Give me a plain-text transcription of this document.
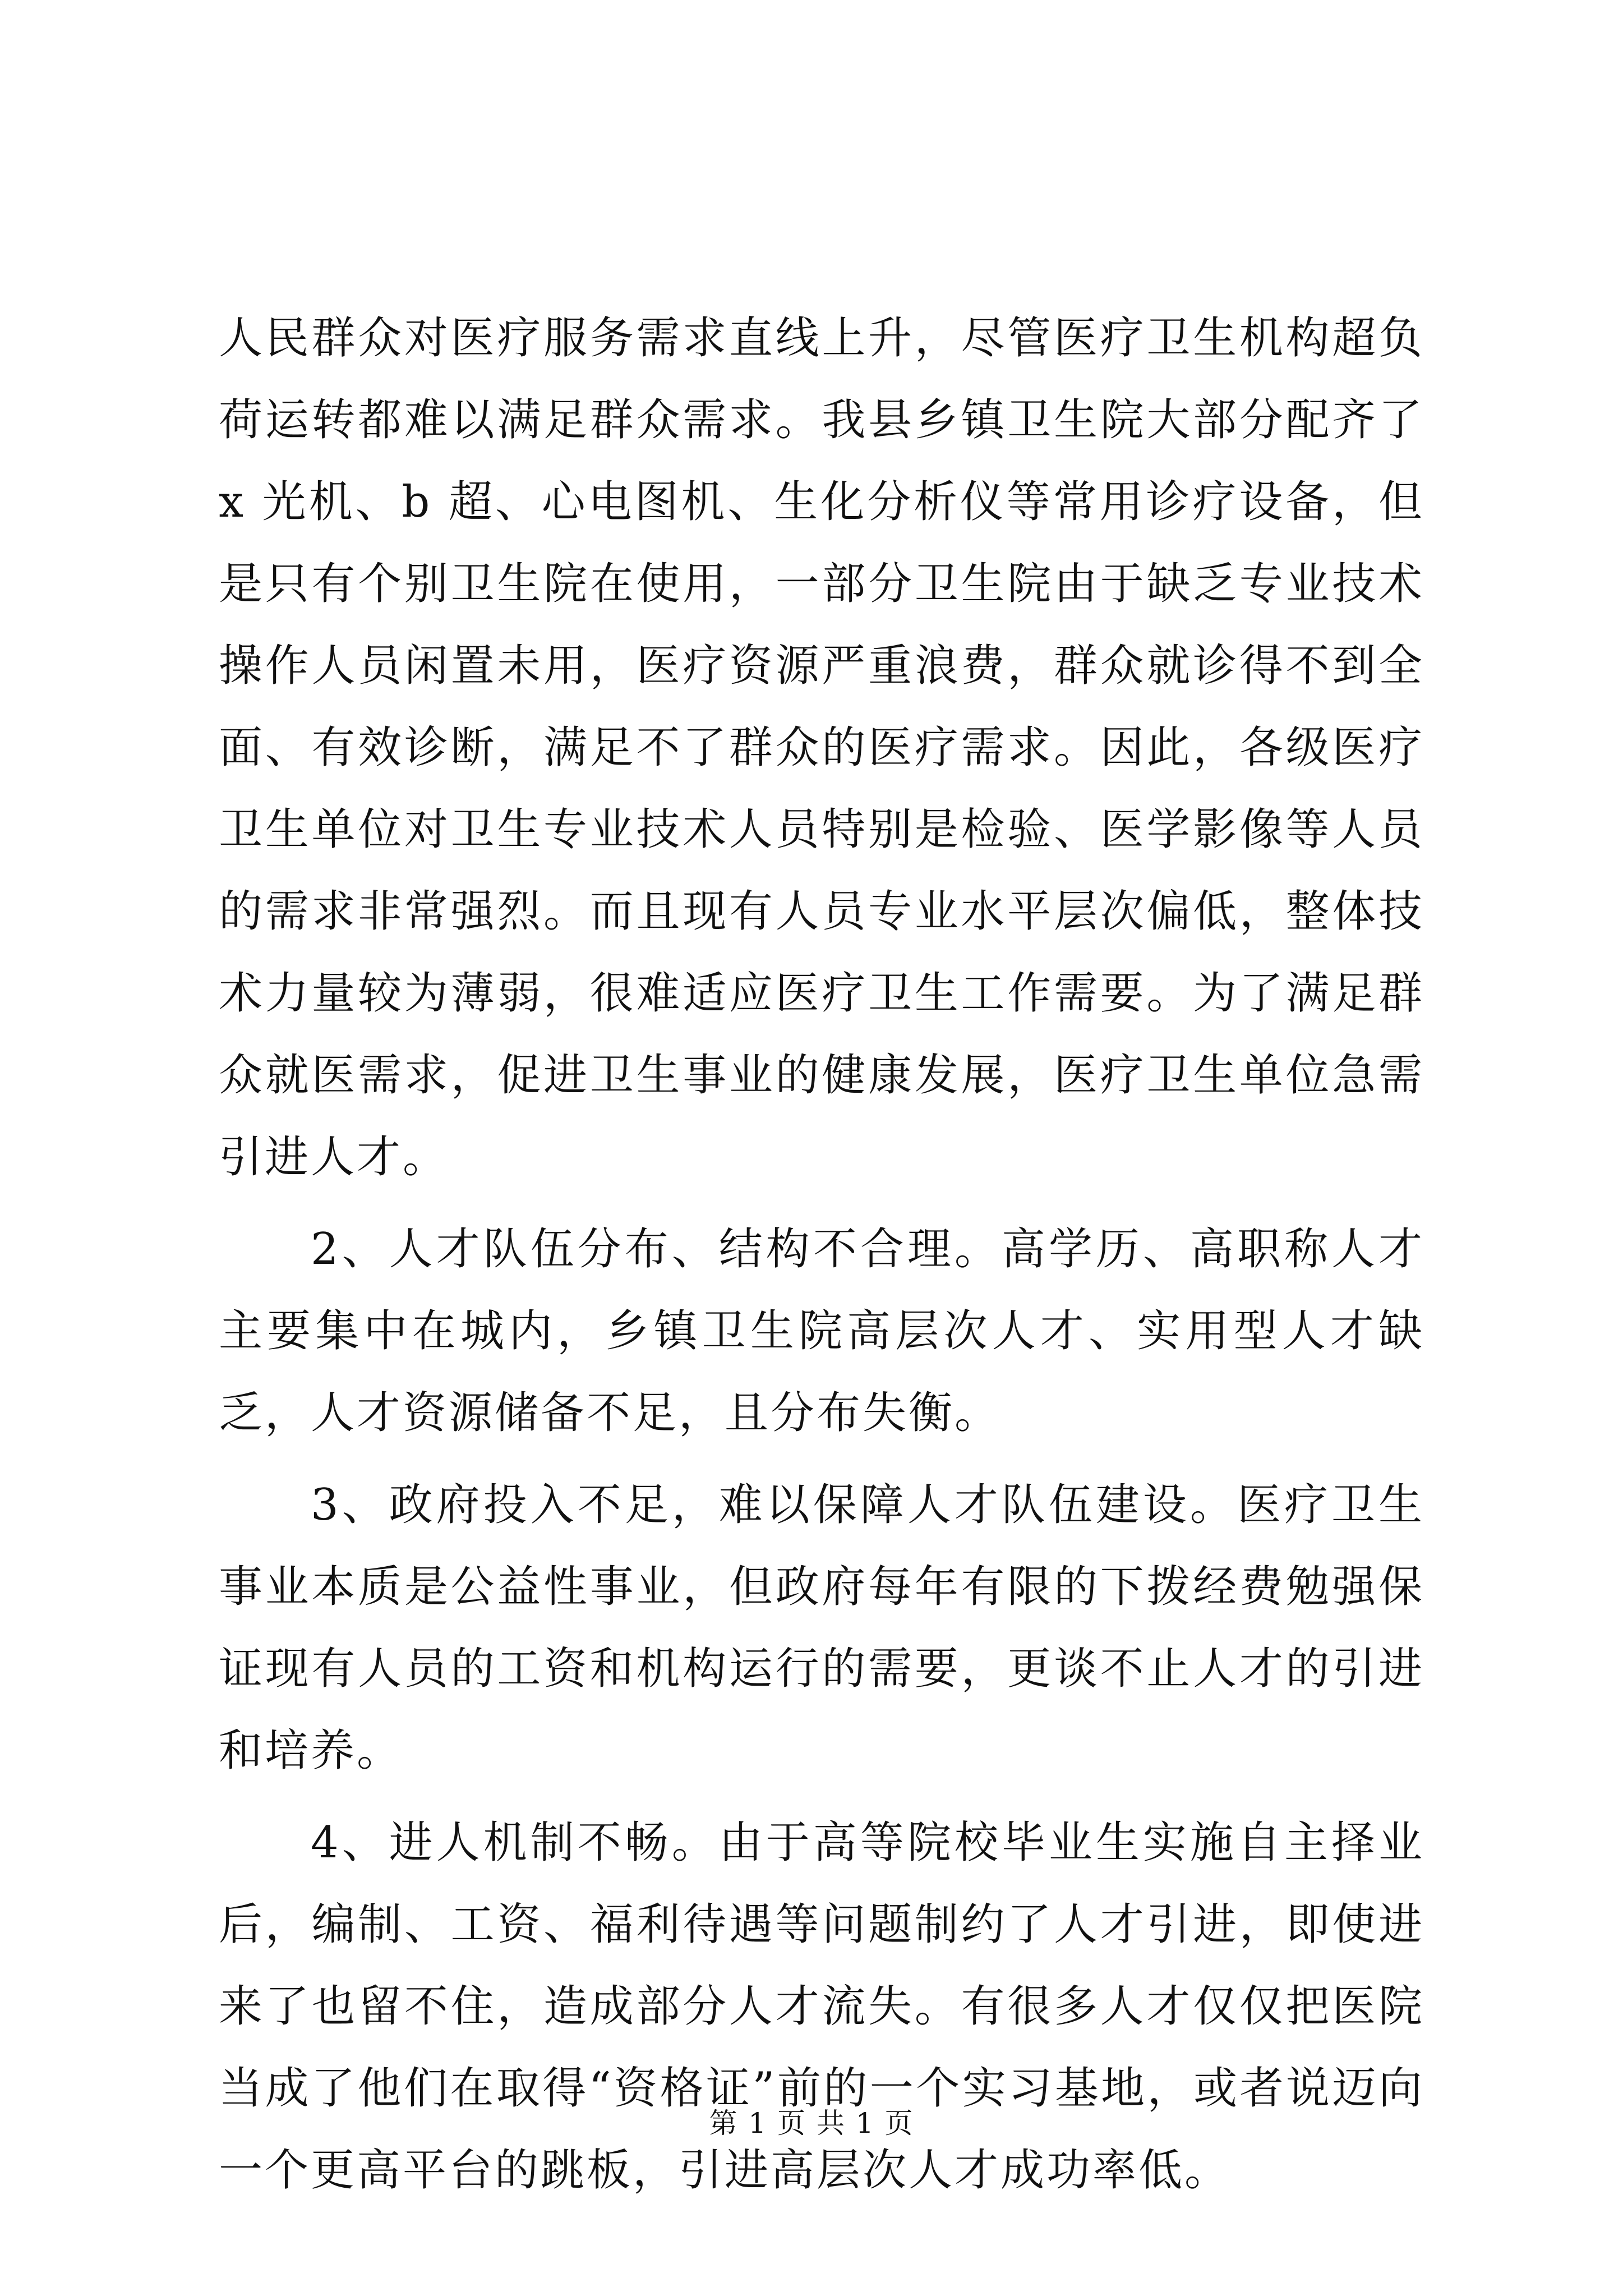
人民群众对医疗服务需求直线上升，尽管医疗卫生机构超负荷运转都难以满足群众需求。我县乡镇卫生院大部分配齐了 x 光机、b 超、心电图机、生化分析仪等常用诊疗设备，但是只有个别卫生院在使用，一部分卫生院由于缺乏专业技术操作人员闲置未用，医疗资源严重浪费，群众就诊得不到全面、有效诊断，满足不了群众的医疗需求。因此，各级医疗卫生单位对卫生专业技术人员特别是检验、医学影像等人员的需求非常强烈。而且现有人员专业水平层次偏低，整体技术力量较为薄弱，很难适应医疗卫生工作需要。为了满足群众就医需求，促进卫生事业的健康发展，医疗卫生单位急需引进人才。

2、人才队伍分布、结构不合理。高学历、高职称人才主要集中在城内，乡镇卫生院高层次人才、实用型人才缺乏，人才资源储备不足，且分布失衡。

3、政府投入不足，难以保障人才队伍建设。医疗卫生事业本质是公益性事业，但政府每年有限的下拨经费勉强保证现有人员的工资和机构运行的需要，更谈不止人才的引进和培养。

4、进人机制不畅。由于高等院校毕业生实施自主择业后，编制、工资、福利待遇等问题制约了人才引进，即使进来了也留不住，造成部分人才流失。有很多人才仅仅把医院当成了他们在取得“资格证”前的一个实习基地，或者说迈向一个更高平台的跳板，引进高层次人才成功率低。

第 1 页 共 1 页
